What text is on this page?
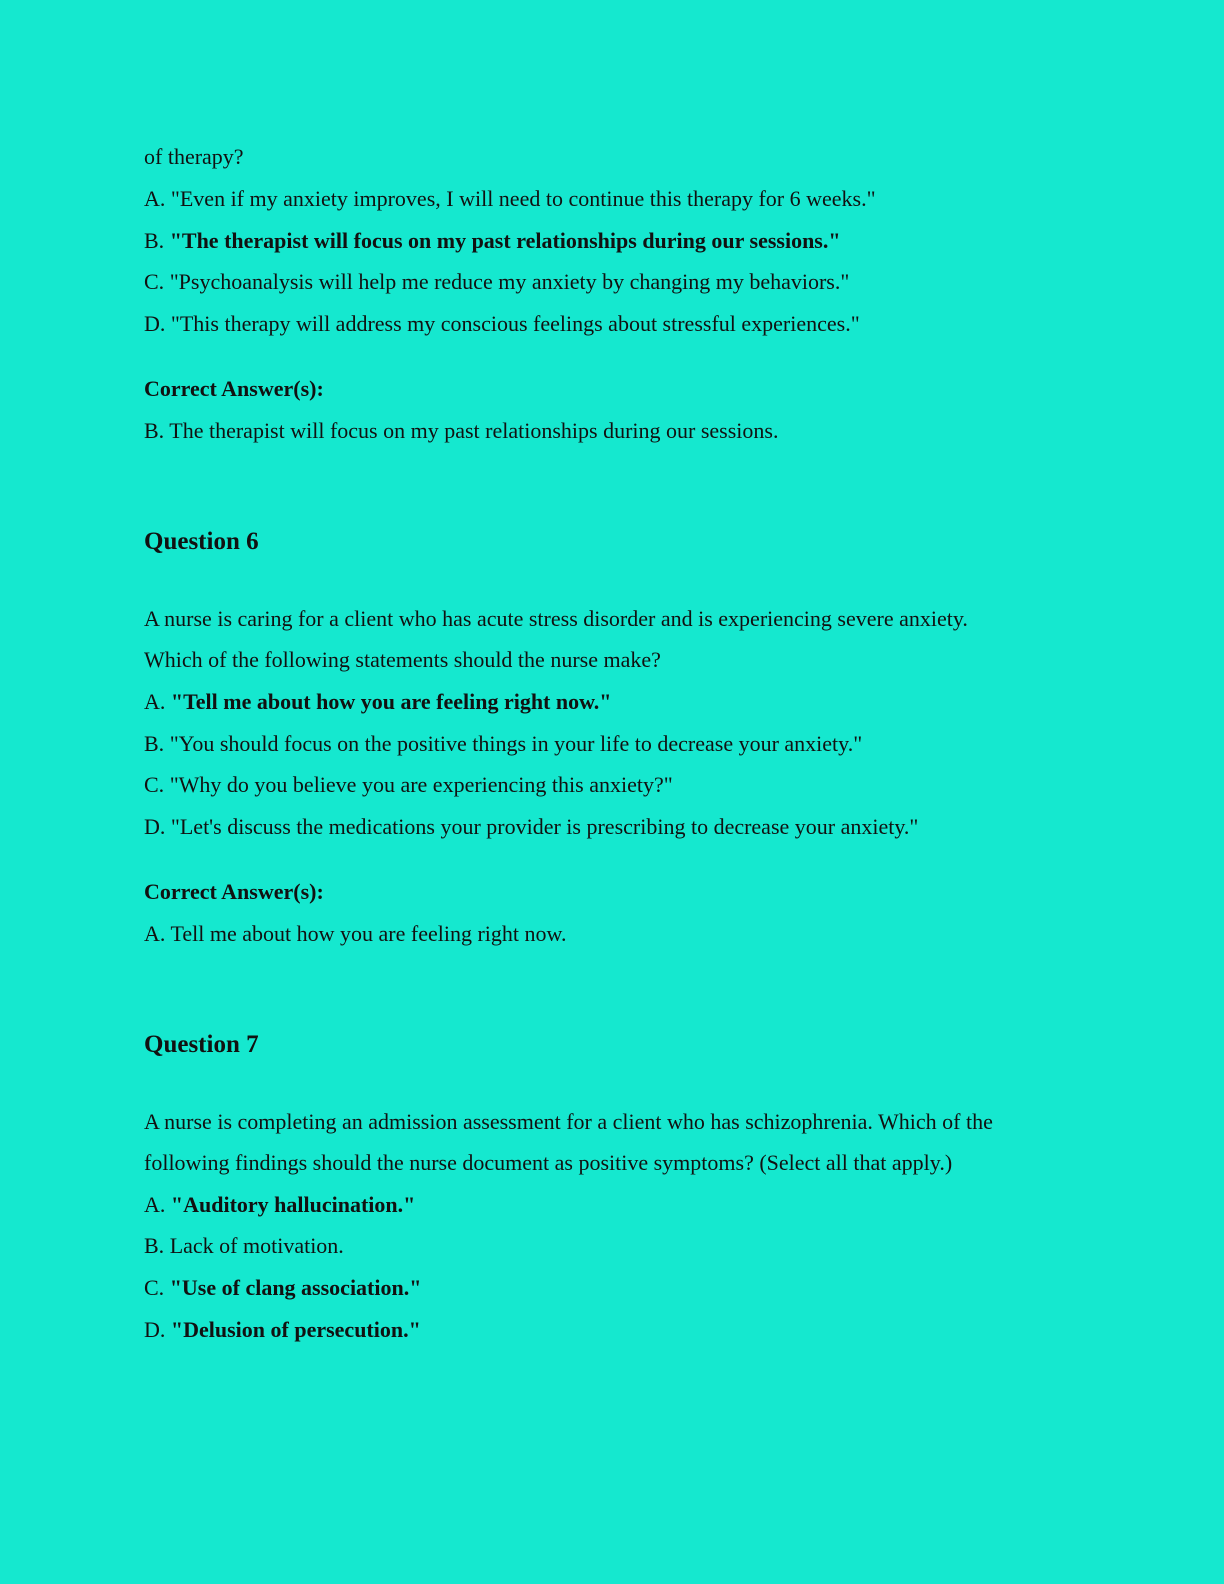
of therapy?
A. "Even if my anxiety improves, I will need to continue this therapy for 6 weeks."
B. "The therapist will focus on my past relationships during our sessions."
C. "Psychoanalysis will help me reduce my anxiety by changing my behaviors."
D. "This therapy will address my conscious feelings about stressful experiences."
Correct Answer(s):
B. The therapist will focus on my past relationships during our sessions.
Question 6
A nurse is caring for a client who has acute stress disorder and is experiencing severe anxiety.
Which of the following statements should the nurse make?
A. "Tell me about how you are feeling right now."
B. "You should focus on the positive things in your life to decrease your anxiety."
C. "Why do you believe you are experiencing this anxiety?"
D. "Let's discuss the medications your provider is prescribing to decrease your anxiety."
Correct Answer(s):
A. Tell me about how you are feeling right now.
Question 7
A nurse is completing an admission assessment for a client who has schizophrenia. Which of the
following findings should the nurse document as positive symptoms? (Select all that apply.)
A. "Auditory hallucination."
B. Lack of motivation.
C. "Use of clang association."
D. "Delusion of persecution."
